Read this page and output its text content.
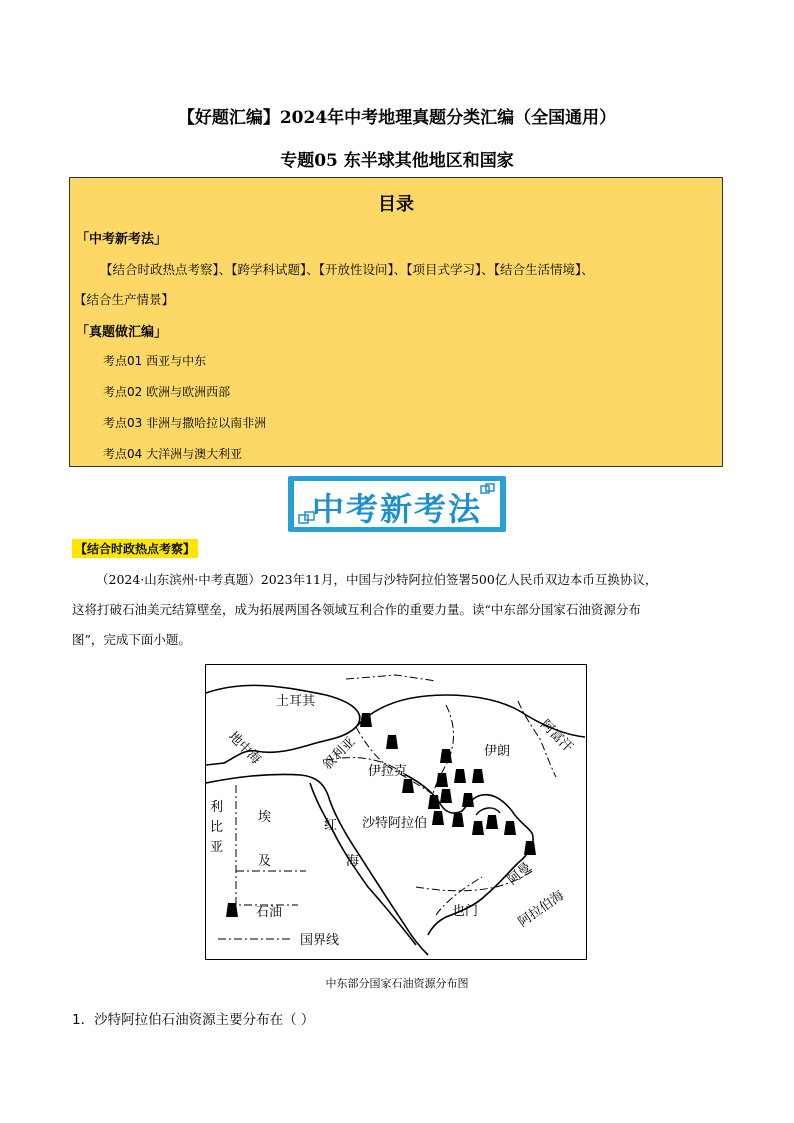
【好题汇编】2024年中考地理真题分类汇编（全国通用）
专题05 东半球其他地区和国家
目录
「中考新考法」
【结合时政热点考察】、【跨学科试题】、【开放性设问】、【项目式学习】、【结合生活情境】、
【结合生产情景】
「真题做汇编」
考点01 西亚与中东
考点02 欧洲与欧洲西部
考点03 非洲与撒哈拉以南非洲
考点04 大洋洲与澳大利亚
中考新考法
【结合时政热点考察】
（2024·山东滨州·中考真题）2023年11月，中国与沙特阿拉伯签署500亿人民币双边本币互换协议，
这将打破石油美元结算壁垒，成为拓展两国各领域互利合作的重要力量。读“中东部分国家石油资源分布
图”，完成下面小题。
土耳其
地中海	叙利亚 伊拉克
伊朗 阿富汗
利
比
亚
埃
及
红
海
沙特阿拉伯
也门
阿曼
阿拉伯海
石油
国界线
中东部分国家石油资源分布图
1．沙特阿拉伯石油资源主要分布在（ ）
